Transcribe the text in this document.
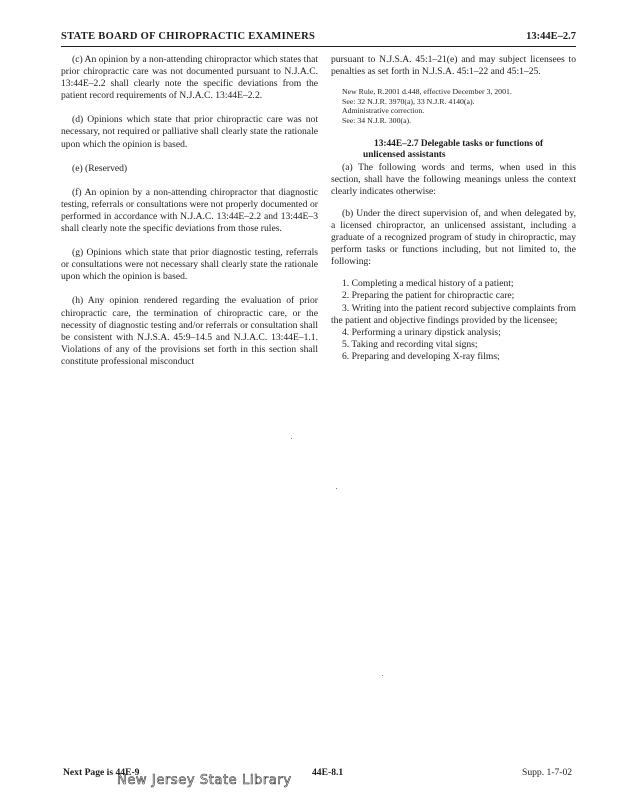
STATE BOARD OF CHIROPRACTIC EXAMINERS	13:44E–2.7

(c) An opinion by a non-attending chiropractor which states that prior chiropractic care was not documented pursuant to N.J.A.C. 13:44E–2.2 shall clearly note the specific deviations from the patient record requirements of N.J.A.C. 13:44E–2.2.

(d) Opinions which state that prior chiropractic care was not necessary, not required or palliative shall clearly state the rationale upon which the opinion is based.

(e) (Reserved)

(f) An opinion by a non-attending chiropractor that diagnostic testing, referrals or consultations were not properly documented or performed in accordance with N.J.A.C. 13:44E–2.2 and 13:44E–3 shall clearly note the specific deviations from those rules.

(g) Opinions which state that prior diagnostic testing, referrals or consultations were not necessary shall clearly state the rationale upon which the opinion is based.

(h) Any opinion rendered regarding the evaluation of prior chiropractic care, the termination of chiropractic care, or the necessity of diagnostic testing and/or referrals or consultation shall be consistent with N.J.S.A. 45:9–14.5 and N.J.A.C. 13:44E–1.1. Violations of any of the provisions set forth in this section shall constitute professional misconduct

pursuant to N.J.S.A. 45:1–21(e) and may subject licensees to penalties as set forth in N.J.S.A. 45:1–22 and 45:1–25.

New Rule, R.2001 d.448, effective December 3, 2001.

See: 32 N.J.R. 3970(a), 33 N.J.R. 4140(a).

Administrative correction.

See: 34 N.J.R. 300(a).

13:44E–2.7 Delegable tasks or functions of unlicensed assistants

(a) The following words and terms, when used in this section, shall have the following meanings unless the context clearly indicates otherwise:

(b) Under the direct supervision of, and when delegated by, a licensed chiropractor, an unlicensed assistant, including a graduate of a recognized program of study in chiropractic, may perform tasks or functions including, but not limited to, the following:

1. Completing a medical history of a patient;

2. Preparing the patient for chiropractic care;

3. Writing into the patient record subjective complaints from the patient and objective findings provided by the licensee;

4. Performing a urinary dipstick analysis;

5. Taking and recording vital signs;

6. Preparing and developing X-ray films;

Next Page is 44E-9	44E-8.1	Supp. 1-7-02
New Jersey State Library
